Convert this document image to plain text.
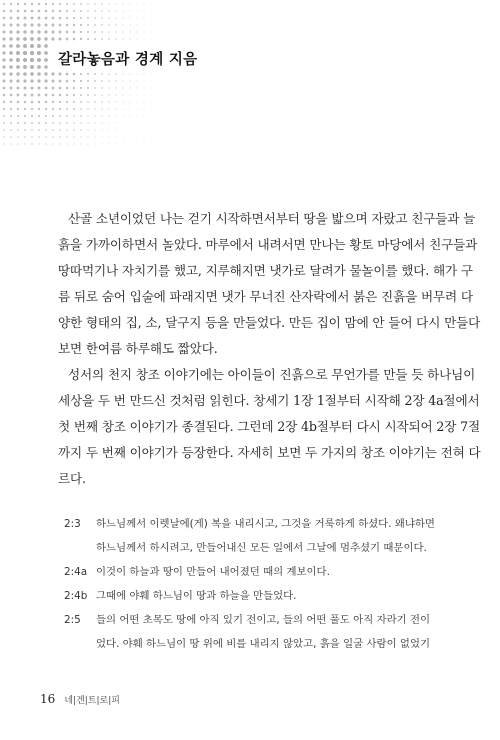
갈라놓음과 경계 지음

산골 소년이었던 나는 걷기 시작하면서부터 땅을 밟으며 자랐고 친구들과 늘
흙을 가까이하면서 놀았다. 마루에서 내려서면 만나는 황토 마당에서 친구들과
땅따먹기나 자치기를 했고, 지루해지면 냇가로 달려가 물놀이를 했다. 해가 구
름 뒤로 숨어 입술에 파래지면 냇가 무너진 산자락에서 붉은 진흙을 버무려 다
양한 형태의 집, 소, 달구지 등을 만들었다. 만든 집이 맘에 안 들어 다시 만들다
보면 한여름 하루해도 짧았다.

성서의 천지 창조 이야기에는 아이들이 진흙으로 무언가를 만들 듯 하나님이
세상을 두 번 만드신 것처럼 읽힌다. 창세기 1장 1절부터 시작해 2장 4a절에서
첫 번째 창조 이야기가 종결된다. 그런데 2장 4b절부터 다시 시작되어 2장 7절
까지 두 번째 이야기가 등장한다. 자세히 보면 두 가지의 창조 이야기는 전혀 다
르다.

2:3 하느님께서 이렛날에(게) 복을 내리시고, 그것을 거룩하게 하셨다. 왜냐하면
하느님께서 하시려고, 만들어내신 모든 일에서 그날에 멈추셨기 때문이다.
2:4a 이것이 하늘과 땅이 만들어 내어졌던 때의 계보이다.
2:4b 그때에 야훼 하느님이 땅과 하늘을 만들었다.
2:5 들의 어떤 초목도 땅에 아직 있기 전이고, 들의 어떤 풀도 아직 자라기 전이
었다. 야훼 하느님이 땅 위에 비를 내리지 않았고, 흙을 일굴 사람이 없었기
16 네|겐|트|로|피
